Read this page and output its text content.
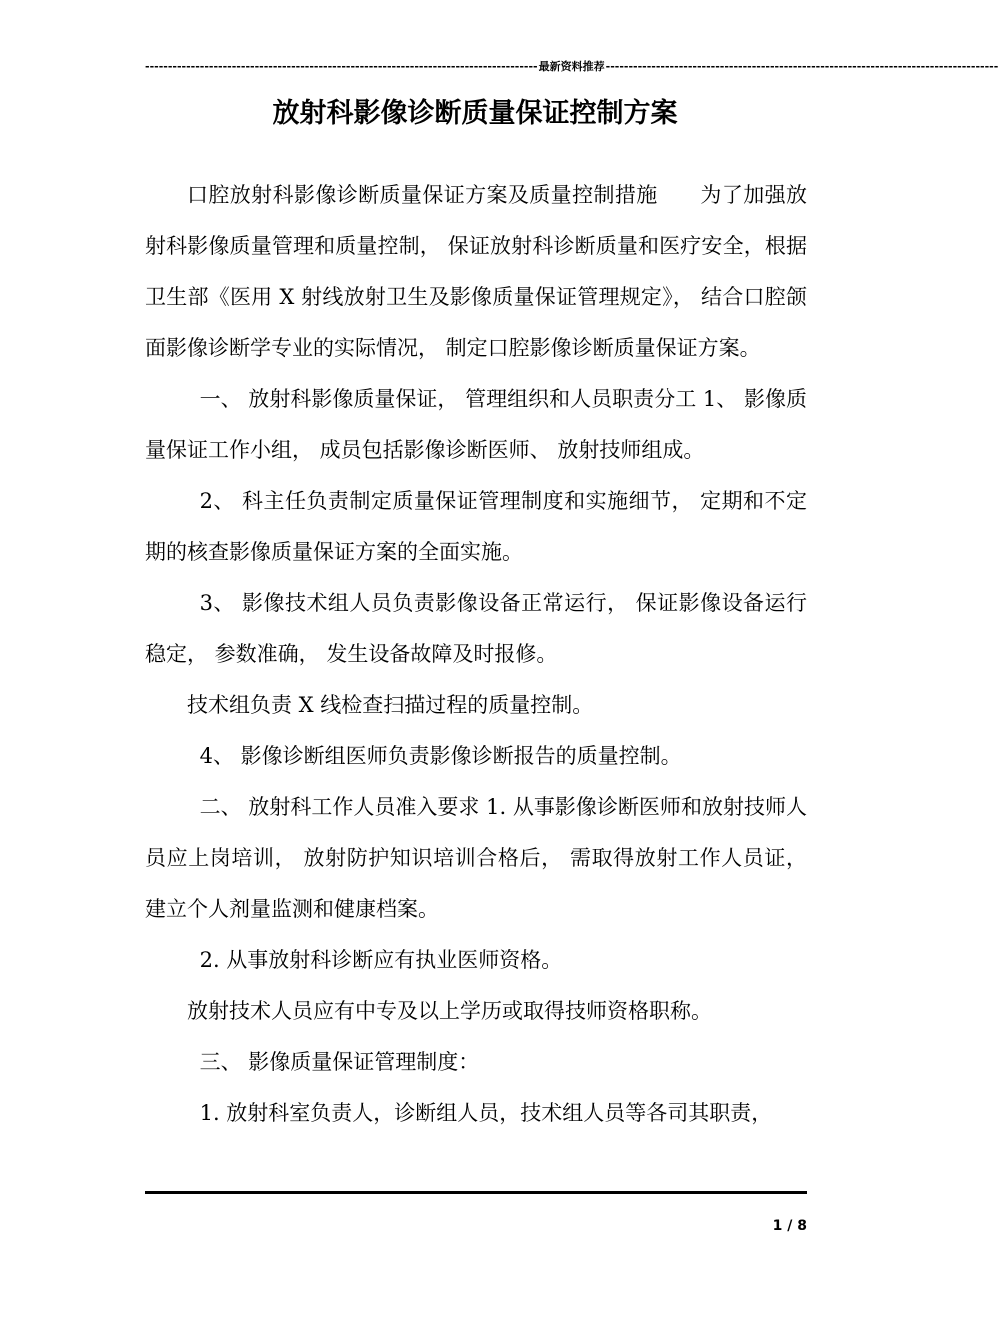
-------------------------------------------------------------------------------------- 最新资料推荐 --------------------------------------------------------------------------------------
放射科影像诊断质量保证控制方案

口腔放射科影像诊断质量保证方案及质量控制措施　　为了加强放射科影像质量管理和质量控制， 保证放射科诊断质量和医疗安全，根据卫生部《医用 X 射线放射卫生及影像质量保证管理规定》， 结合口腔颌面影像诊断学专业的实际情况， 制定口腔影像诊断质量保证方案。

一、 放射科影像质量保证， 管理组织和人员职责分工 1、 影像质量保证工作小组， 成员包括影像诊断医师、 放射技师组成。

2、 科主任负责制定质量保证管理制度和实施细节， 定期和不定期的核查影像质量保证方案的全面实施。

3、 影像技术组人员负责影像设备正常运行， 保证影像设备运行稳定， 参数准确， 发生设备故障及时报修。

技术组负责 X 线检查扫描过程的质量控制。

4、 影像诊断组医师负责影像诊断报告的质量控制。

二、 放射科工作人员准入要求 1. 从事影像诊断医师和放射技师人员应上岗培训， 放射防护知识培训合格后， 需取得放射工作人员证， 建立个人剂量监测和健康档案。

2. 从事放射科诊断应有执业医师资格。

放射技术人员应有中专及以上学历或取得技师资格职称。

三、 影像质量保证管理制度：

1. 放射科室负责人，诊断组人员，技术组人员等各司其职责，

1 / 8
